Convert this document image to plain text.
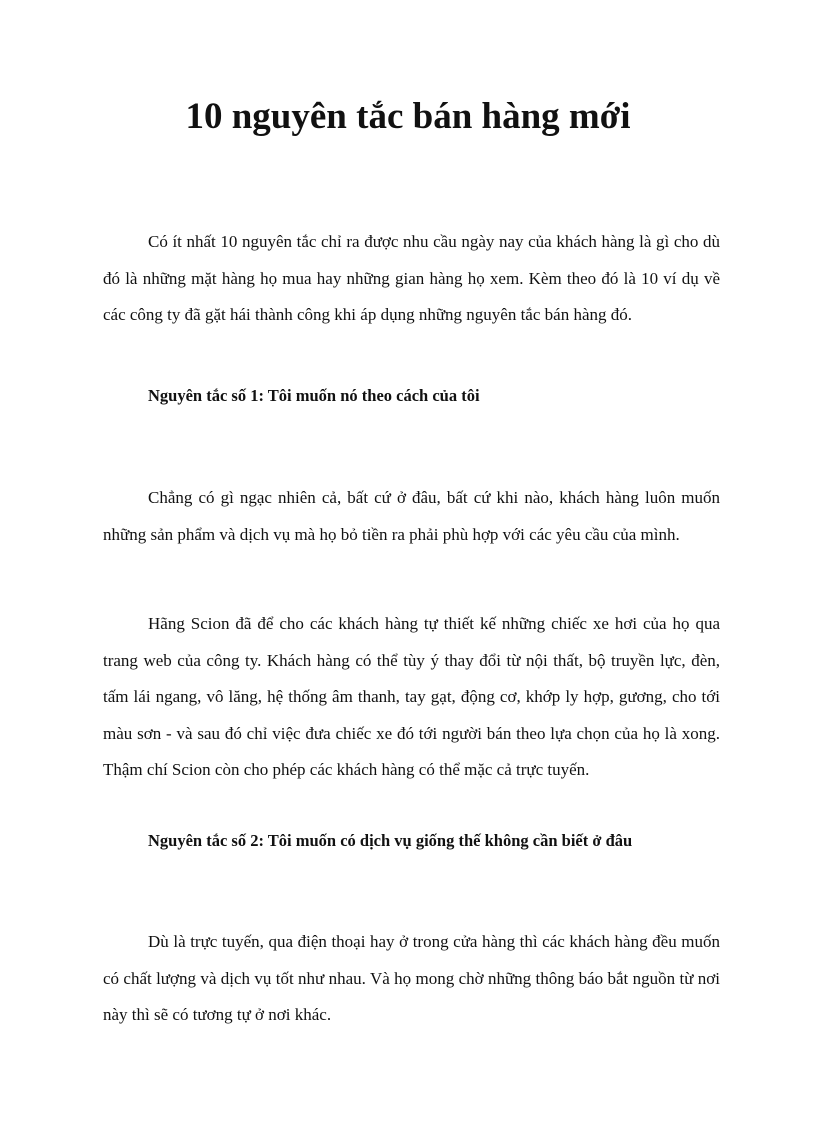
10 nguyên tắc bán hàng mới

Có ít nhất 10 nguyên tắc chỉ ra được nhu cầu ngày nay của khách hàng là gì cho dù đó là những mặt hàng họ mua hay những gian hàng họ xem. Kèm theo đó là 10 ví dụ về các công ty đã gặt hái thành công khi áp dụng những nguyên tắc bán hàng đó.

Nguyên tắc số 1: Tôi muốn nó theo cách của tôi

Chẳng có gì ngạc nhiên cả, bất cứ ở đâu, bất cứ khi nào, khách hàng luôn muốn những sản phẩm và dịch vụ mà họ bỏ tiền ra phải phù hợp với các yêu cầu của mình.

Hãng Scion đã để cho các khách hàng tự thiết kế những chiếc xe hơi của họ qua trang web của công ty. Khách hàng có thể tùy ý thay đổi từ nội thất, bộ truyền lực, đèn, tấm lái ngang, vô lăng, hệ thống âm thanh, tay gạt, động cơ, khớp ly hợp, gương, cho tới màu sơn - và sau đó chỉ việc đưa chiếc xe đó tới người bán theo lựa chọn của họ là xong. Thậm chí Scion còn cho phép các khách hàng có thể mặc cả trực tuyến.

Nguyên tắc số 2: Tôi muốn có dịch vụ giống thế không cần biết ở đâu

Dù là trực tuyến, qua điện thoại hay ở trong cửa hàng thì các khách hàng đều muốn có chất lượng và dịch vụ tốt như nhau. Và họ mong chờ những thông báo bắt nguồn từ nơi này thì sẽ có tương tự ở nơi khác.
